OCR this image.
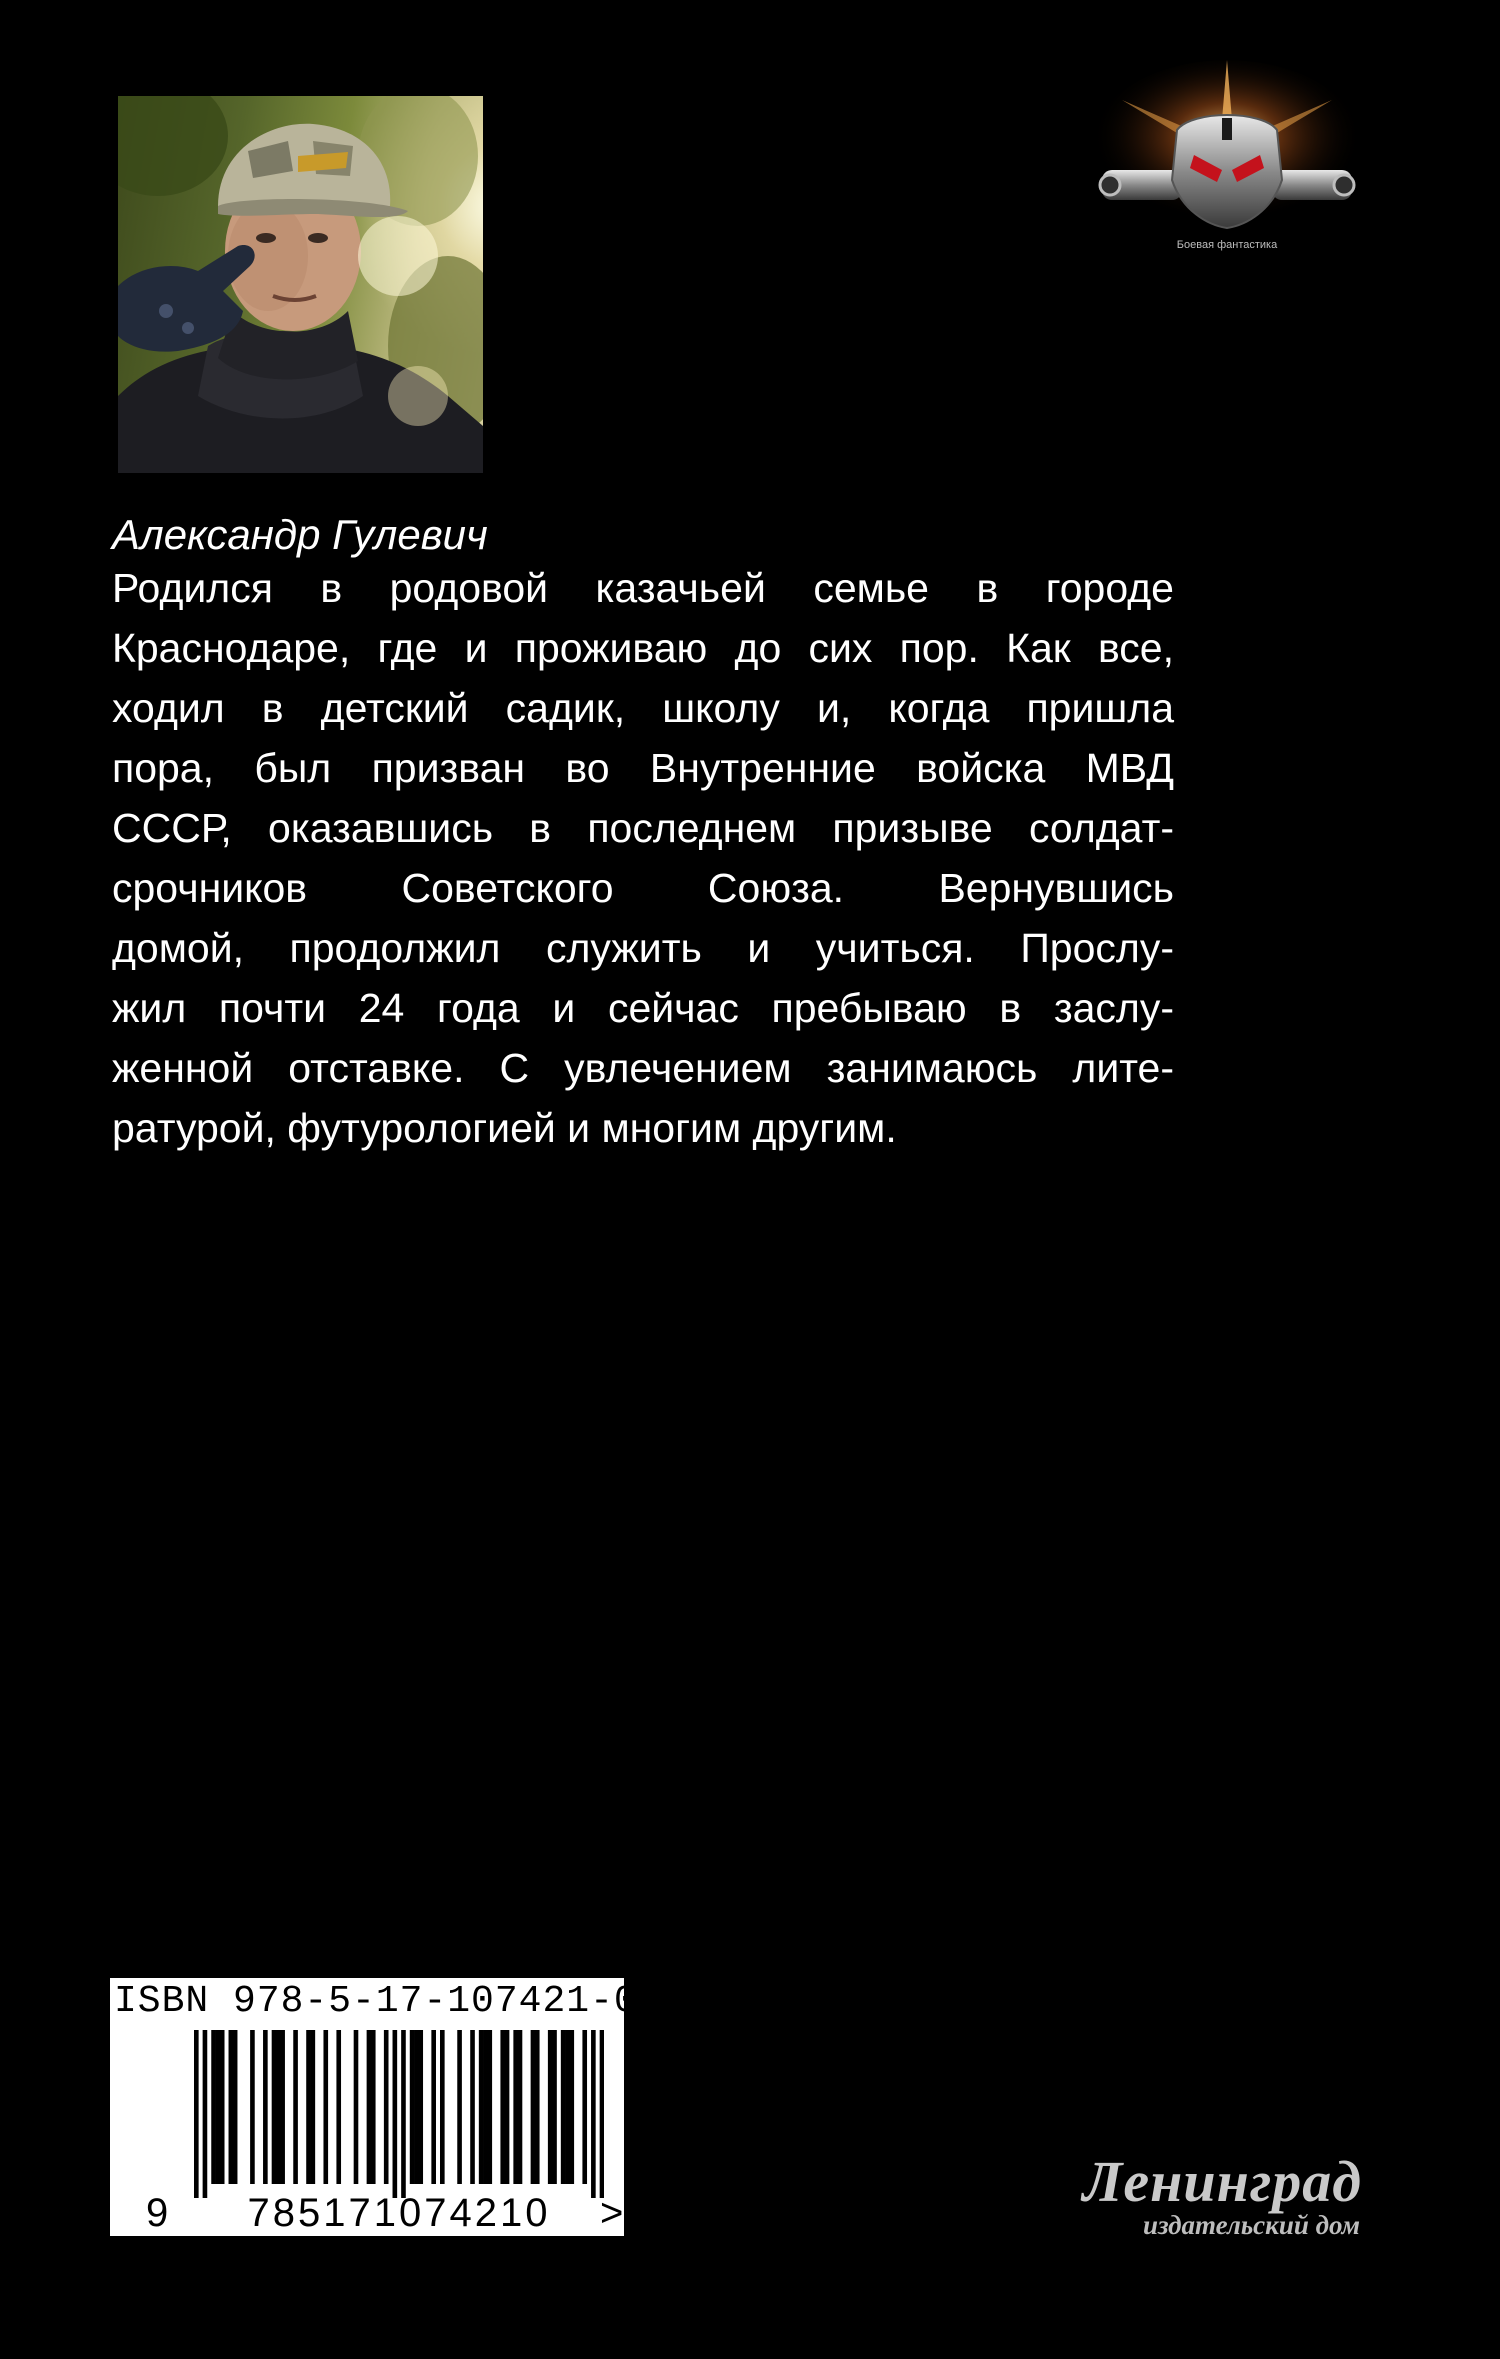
Боевая фантастика
Александр Гулевич
Родился в родовой казачьей семье в городе
Краснодаре, где и проживаю до сих пор. Как все,
ходил в детский садик, школу и, когда пришла
пора, был призван во Внутренние войска МВД
СССР, оказавшись в последнем призыве солдат-
срочников Советского Союза. Вернувшись
домой, продолжил служить и учиться. Прослу-
жил почти 24 года и сейчас пребываю в заслу-
женной отставке. С увлечением занимаюсь лите-
ратурой, футурологией и многим другим.
ISBN 978-5-17-107421-0
9	785171074210	>	Ленинград
издательский дом
